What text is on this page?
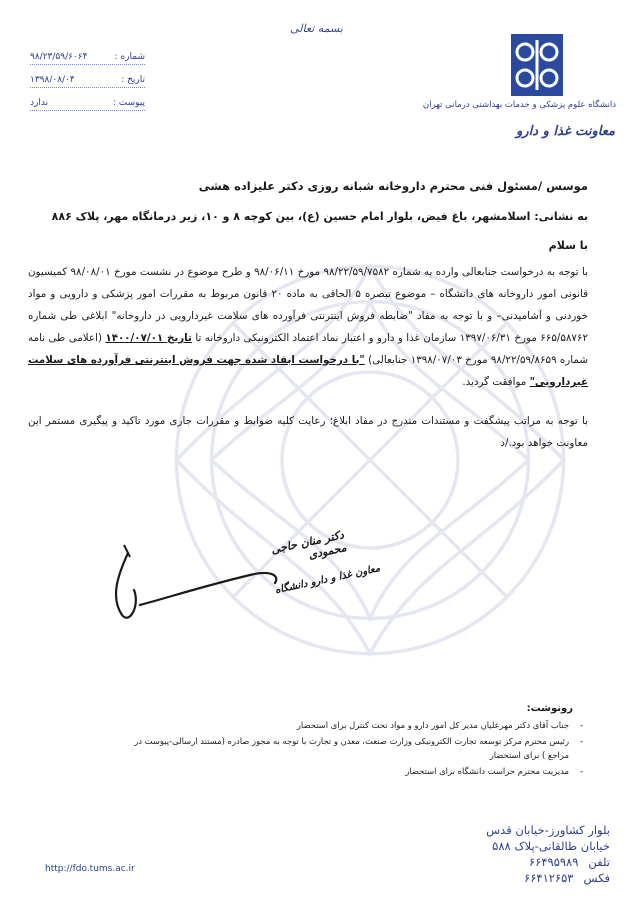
بسمه تعالی
شماره :
۹۸/۲۳/۵۹/۶۰۶۴
تاریخ :
۱۳۹۸/۰۸/۰۴
پیوست :
ندارد	دانشگاه علوم پزشکی و خدمات بهداشتی درمانی تهران
معاونت غذا و دارو
موسس /مسئول فنی محترم داروخانه شبانه روزی دکتر علیزاده هشی
به نشانی: اسلامشهر، باغ فیض، بلوار امام حسین (ع)، بین کوچه ۸ و ۱۰، زیر درمانگاه مهر، پلاک ۸۸۶
با سلام
با توجه به درخواست جنابعالی وارده به شماره ۹۸/۲۲/۵۹/۷۵۸۲ مورخ ۹۸/۰۶/۱۱ و طرح موضوع در نشست مورخ ۹۸/۰۸/۰۱ کمیسیون قانونی امور داروخانه های دانشگاه – موضوع تبصره ۵ الحاقی به ماده ۲۰ قانون مربوط به مقررات امور پزشکی و دارویی و مواد خوردنی و آشامیدنی– و با توجه به مفاد "ضابطه فروش اینترنتی فرآورده های سلامت غیردارویی در داروخانه" ابلاغی طی شماره ۶۶۵/۵۸۷۶۲ مورخ ۱۳۹۷/۰۶/۳۱ سازمان غذا و دارو و اعتبار نماد اعتماد الکترونیکی داروخانه تا تاریخ ۱۴۰۰/۰۷/۰۱ (اعلامی طی نامه شماره ۹۸/۲۲/۵۹/۸۶۵۹ مورخ ۱۳۹۸/۰۷/۰۳ جنابعالی) "با درخواست ابقاد شده جهت فروش اینترنتی فرآورده های سلامت غیردارویی" موافقت گردید.
با توجه به مراتب پیشگفت و مستندات مندرج در مفاد ابلاغ؛ رعایت کلیه ضوابط و مقررات جاری مورد تاکید و پیگیری مستمر این معاونت خواهد بود./د
دکتر منان حاجی محمودی
معاون غذا و دارو دانشگاه
رونوشت:
- جناب آقای دکتر مهرعلیان مدیر کل امور دارو و مواد تحت کنترل برای استحضار
- رئیس محترم مرکز توسعه تجارت الکترونیکی وزارت صنعت، معدن و تجارت با توجه به مجوز صادره (مستند ارسالی-پیوست در مراجع ) برای استحضار
- مدیریت محترم حراست دانشگاه برای استحضار
بلوار کشاورز-خیابان قدس
خیابان طالقانی-پلاک ۵۸۸
تلفن
۶۶۴۹۵۹۸۹
فکس
۶۶۴۱۲۶۵۳
http://fdo.tums.ac.ir
